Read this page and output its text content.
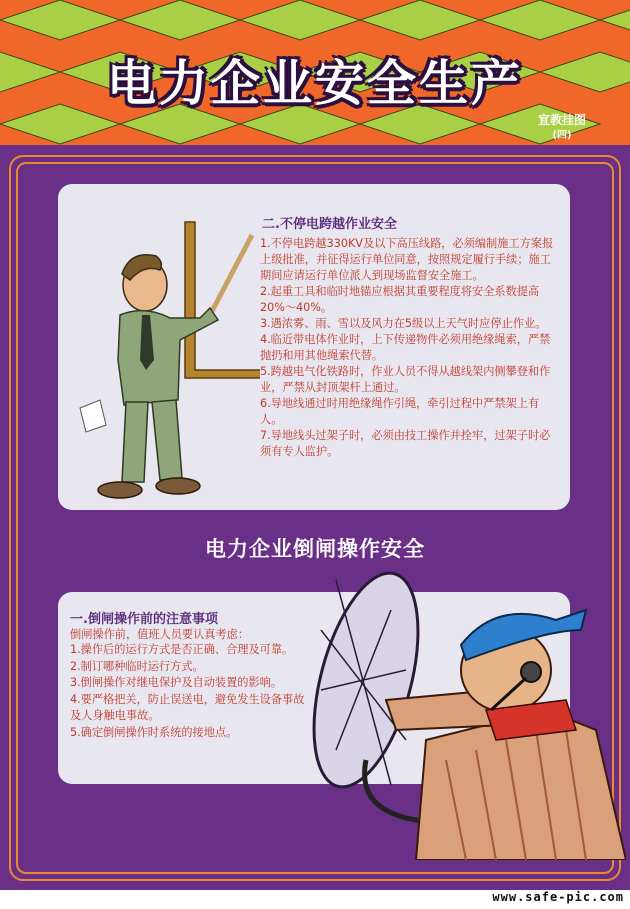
电力企业安全生产
宣教挂图
(四)
二.不停电跨越作业安全
1.不停电跨越330KV及以下高压线路，必须编制施工方案报上级批准，并征得运行单位同意，按照规定履行手续；施工期间应请运行单位派人到现场监督安全施工。
2.起重工具和临时地锚应根据其重要程度将安全系数提高20%～40%。
3.遇浓雾、雨、雪以及风力在5级以上天气时应停止作业。
4.临近带电体作业时，上下传递物件必须用绝缘绳索，严禁抛扔和用其他绳索代替。
5.跨越电气化铁路时，作业人员不得从越线架内侧攀登和作业，严禁从封顶架杆上通过。
6.导地线通过时用绝缘绳作引绳，牵引过程中严禁架上有人。
7.导地线头过架子时，必须由技工操作并拴牢，过架子时必须有专人监护。
电力企业倒闸操作安全
一.倒闸操作前的注意事项
倒闸操作前，值班人员要认真考虑：
1.操作后的运行方式是否正确、合理及可靠。
2.制订哪种临时运行方式。
3.倒闸操作对继电保护及自动装置的影响。
4.要严格把关，防止误送电，避免发生设备事故及人身触电事故。
5.确定倒闸操作时系统的接地点。
www.safe-pic.com
